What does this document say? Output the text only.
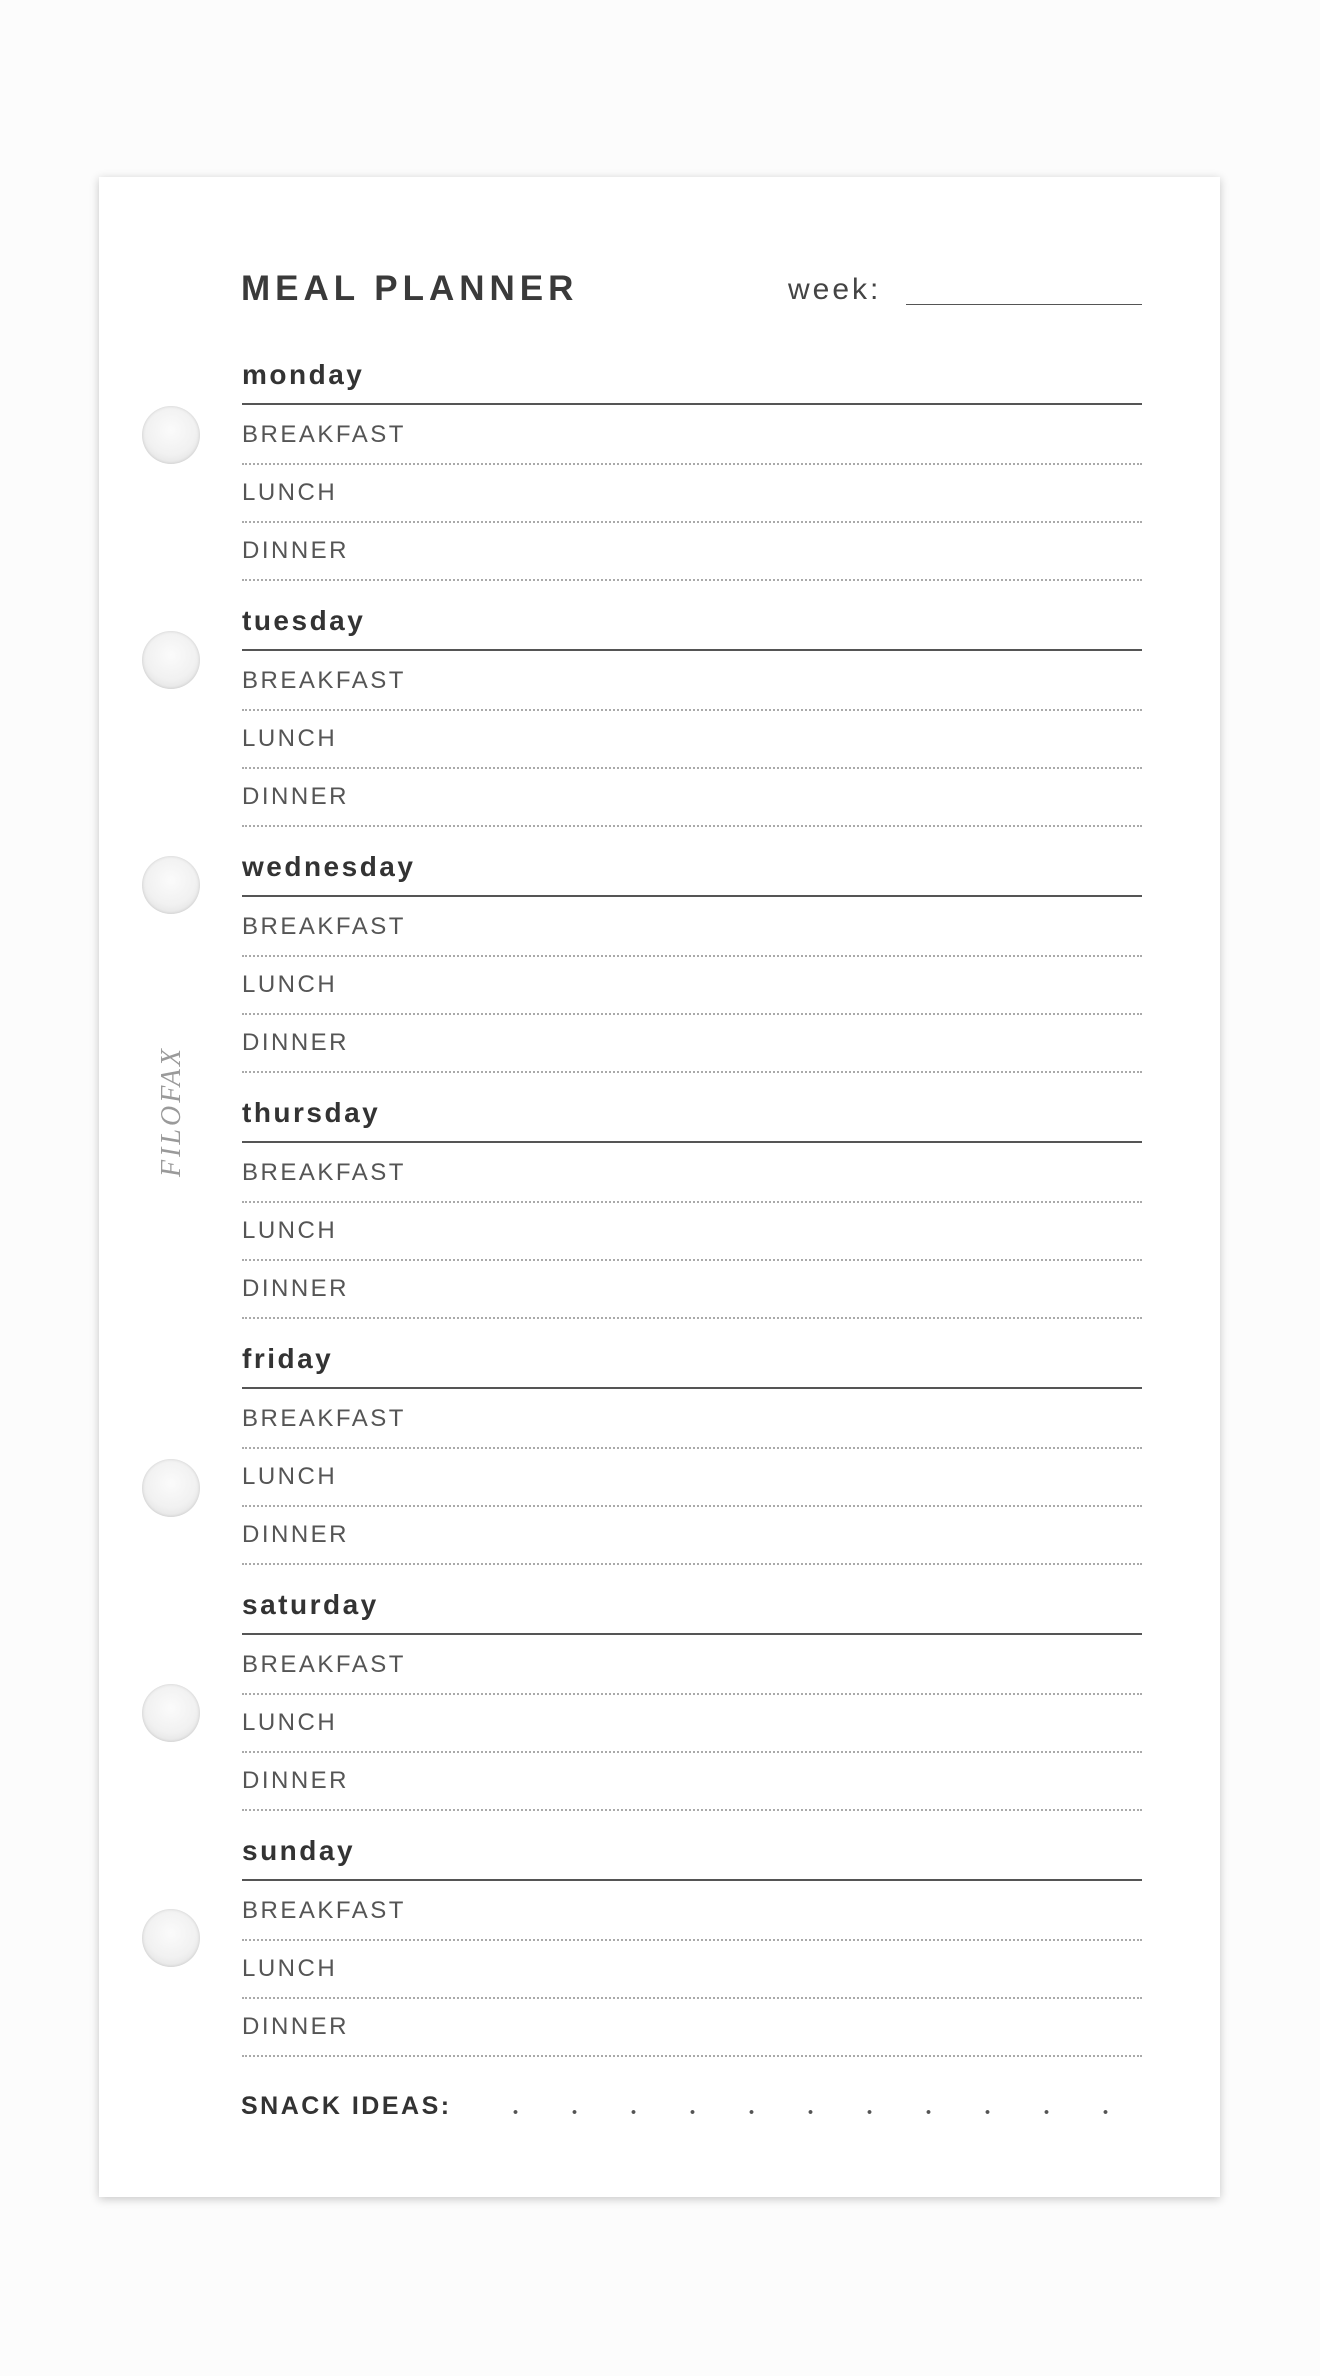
FILOFAX
MEAL PLANNER	week:
monday
BREAKFAST
LUNCH
DINNER
tuesday
BREAKFAST
LUNCH
DINNER
wednesday
BREAKFAST
LUNCH
DINNER
thursday
BREAKFAST
LUNCH
DINNER
friday
BREAKFAST
LUNCH
DINNER
saturday
BREAKFAST
LUNCH
DINNER
sunday
BREAKFAST
LUNCH
DINNER
SNACK IDEAS:
